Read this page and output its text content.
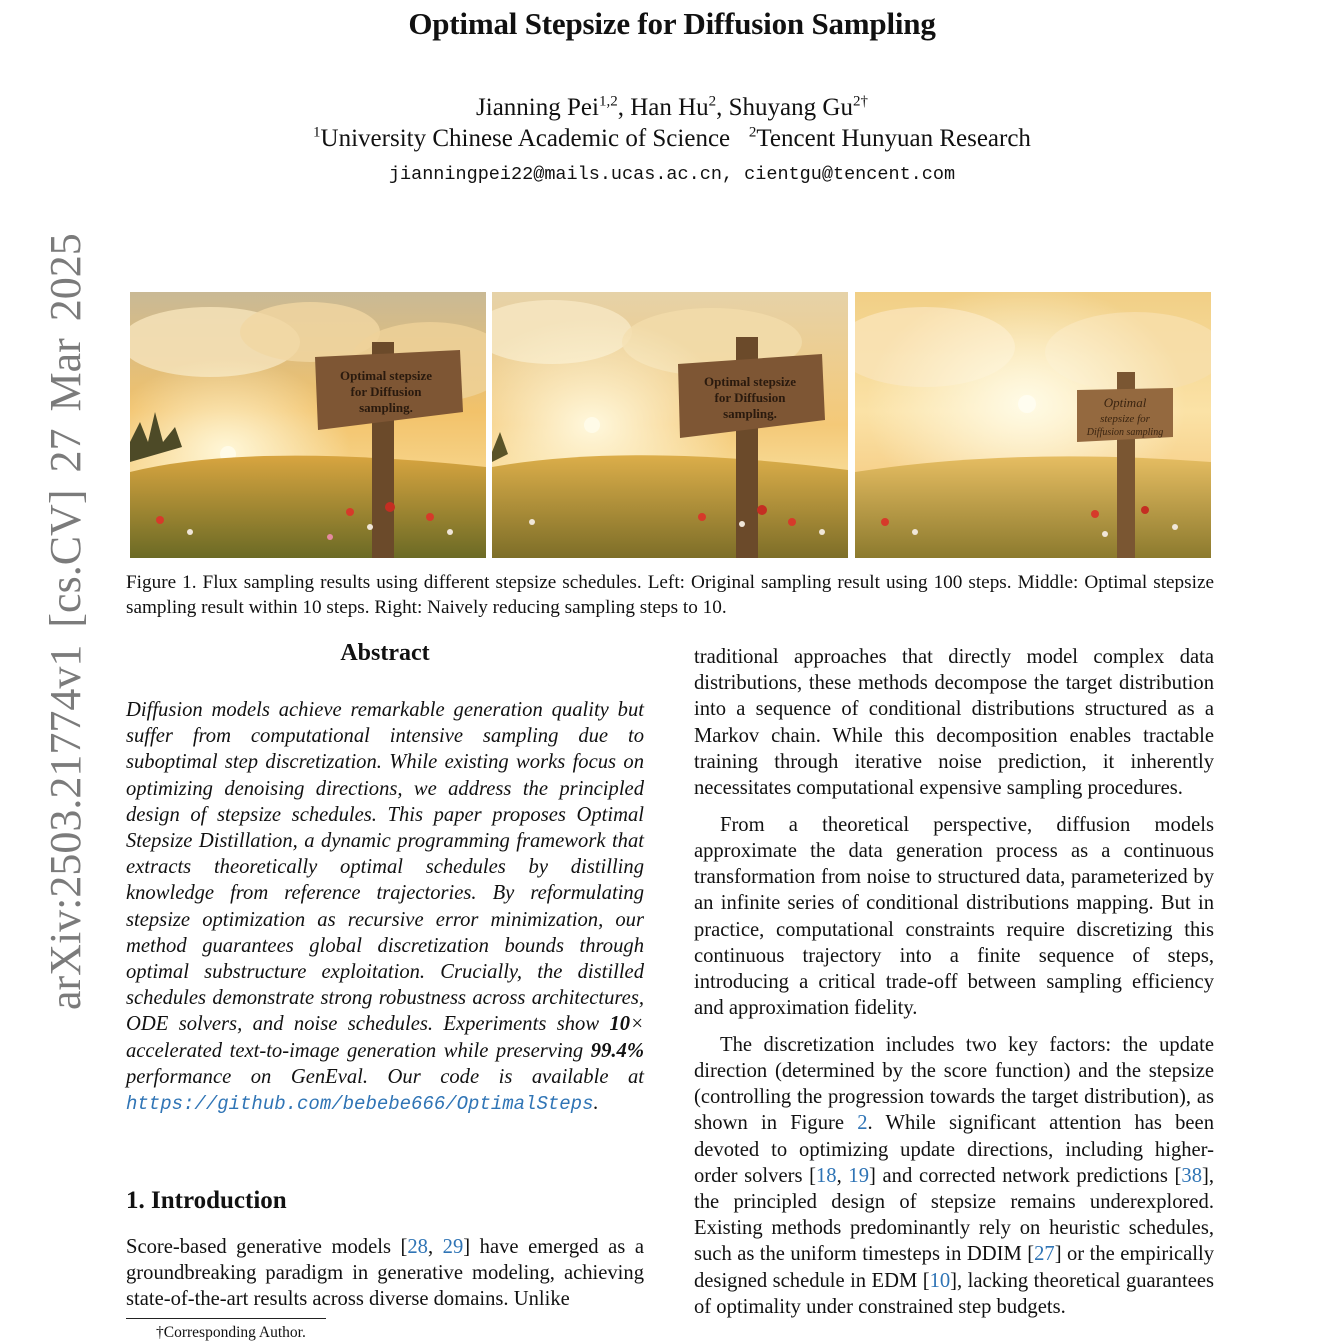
Optimal Stepsize for Diffusion Sampling
Jianning Pei$^{1,2}$, Han Hu$^2$, Shuyang $Gu^{2\dagger}$
$^1$University Chinese Academic of Science $^2$Tencent Hunyuan Research
jianningpei22@mails.ucas.ac.cn, cientgu@tencent.com
arXiv:2503.21774v1 [cs.CV] 27 Mar 2025	Optimal stepsize
for Diffusion
sampling.
Optimal stepsize
for Diffusion
sampling.
Optimal
stepsize for
Diffusion sampling
Figure 1. Flux sampling results using different stepsize schedules. Left: Original sampling result using 100 steps. Middle: Optimal stepsize sampling result within 10 steps. Right: Naively reducing sampling steps to 10.
Abstract
Diffusion models achieve remarkable generation quality but suffer from computational intensive sampling due to suboptimal step discretization. While existing works focus on optimizing denoising directions, we address the principled design of stepsize schedules. This paper proposes Optimal Stepsize Distillation, a dynamic programming framework that extracts theoretically optimal schedules by distilling knowledge from reference trajectories. By reformulating stepsize optimization as recursive error minimization, our method guarantees global discretization bounds through optimal substructure exploitation. Crucially, the distilled schedules demonstrate strong robustness across architectures, ODE solvers, and noise schedules. Experiments show 10× accelerated text-to-image generation while preserving 99.4% performance on GenEval. Our code is available at https://github.com/bebebe666/OptimalSteps.
1. Introduction
Score-based generative models [28, 29] have emerged as a groundbreaking paradigm in generative modeling, achieving state-of-the-art results across diverse domains. Unlike
†Corresponding Author.

traditional approaches that directly model complex data distributions, these methods decompose the target distribution into a sequence of conditional distributions structured as a Markov chain. While this decomposition enables tractable training through iterative noise prediction, it inherently necessitates computational expensive sampling procedures.

From a theoretical perspective, diffusion models approximate the data generation process as a continuous transformation from noise to structured data, parameterized by an infinite series of conditional distributions mapping. But in practice, computational constraints require discretizing this continuous trajectory into a finite sequence of steps, introducing a critical trade-off between sampling efficiency and approximation fidelity.

The discretization includes two key factors: the update direction (determined by the score function) and the stepsize (controlling the progression towards the target distribution), as shown in Figure 2. While significant attention has been devoted to optimizing update directions, including higher-order solvers [18, 19] and corrected network predictions [38], the principled design of stepsize remains underexplored. Existing methods predominantly rely on heuristic schedules, such as the uniform timesteps in DDIM [27] or the empirically designed schedule in EDM [10], lacking theoretical guarantees of optimality under constrained step budgets.
